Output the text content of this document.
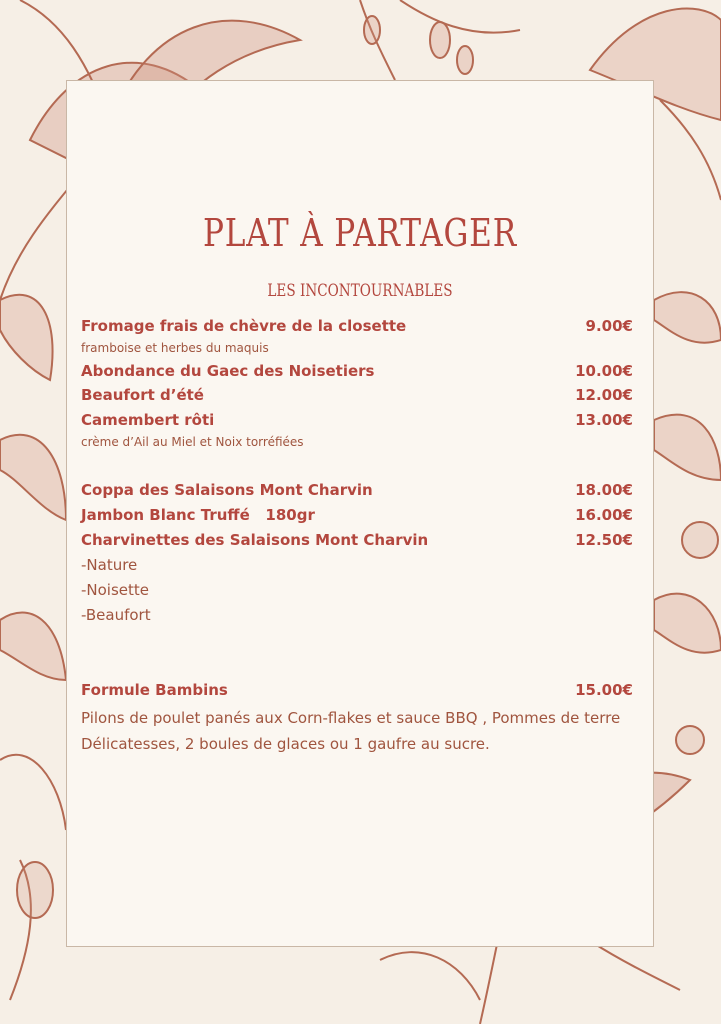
PLAT À PARTAGER
LES INCONTOURNABLES
Fromage frais de chèvre de la closette	9.00€
framboise et herbes du maquis
Abondance du Gaec des Noisetiers	10.00€
Beaufort d’été	12.00€
Camembert rôti	13.00€
crème d’Ail au Miel et Noix torréfiées
Coppa des Salaisons Mont Charvin	18.00€
Jambon Blanc Truffé   180gr	16.00€
Charvinettes des Salaisons Mont Charvin	12.50€
-Nature
-Noisette
-Beaufort
Formule Bambins	15.00€
Pilons de poulet panés aux Corn-flakes et sauce BBQ , Pommes de terre Délicatesses, 2 boules de glaces ou 1 gaufre au sucre.
